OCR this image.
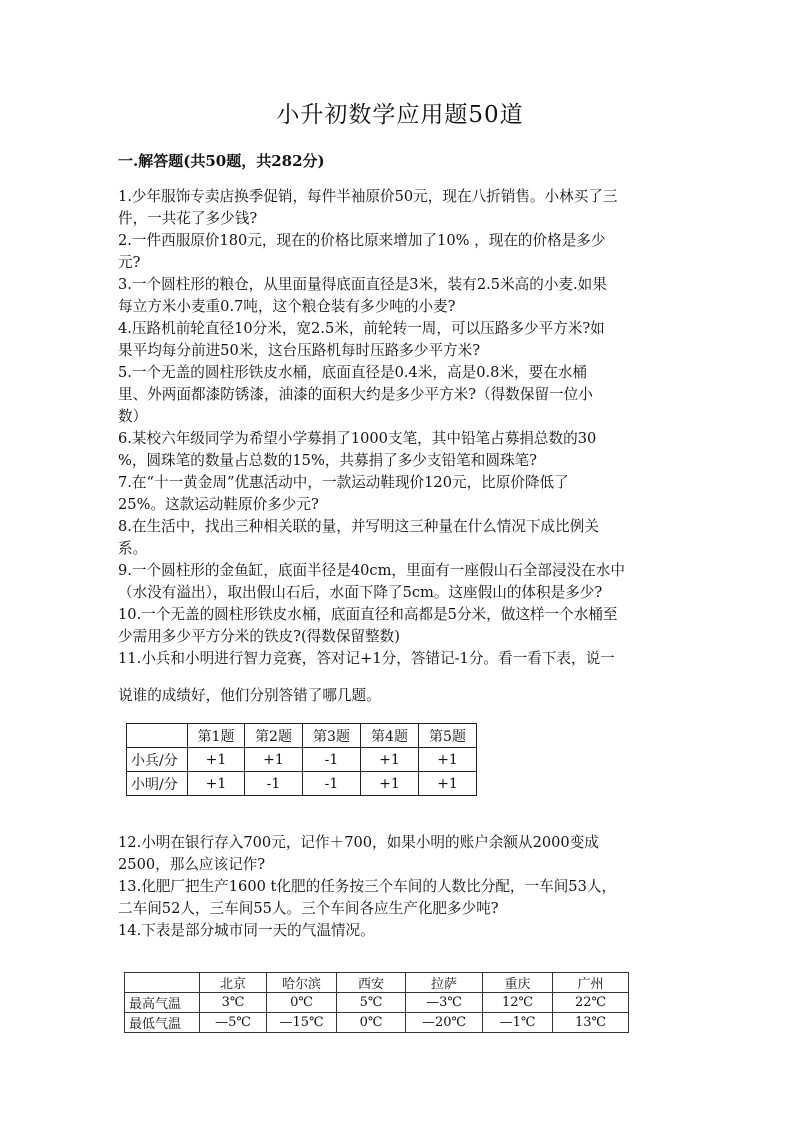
小升初数学应用题50道
一.解答题(共50题，共282分)
1.少年服饰专卖店换季促销，每件半袖原价50元，现在八折销售。小林买了三
件，一共花了多少钱?
2.一件西服原价180元，现在的价格比原来增加了10% ，现在的价格是多少
元?
3.一个圆柱形的粮仓，从里面量得底面直径是3米，装有2.5米高的小麦.如果
每立方米小麦重0.7吨，这个粮仓装有多少吨的小麦?
4.压路机前轮直径10分米，宽2.5米，前轮转一周，可以压路多少平方米?如
果平均每分前进50米，这台压路机每时压路多少平方米?
5.一个无盖的圆柱形铁皮水桶，底面直径是0.4米，高是0.8米，要在水桶
里、外两面都漆防锈漆，油漆的面积大约是多少平方米?（得数保留一位小
数）
6.某校六年级同学为希望小学募捐了1000支笔，其中铅笔占募捐总数的30
%，圆珠笔的数量占总数的15%，共募捐了多少支铅笔和圆珠笔?
7.在“十一黄金周”优惠活动中，一款运动鞋现价120元，比原价降低了
25%。这款运动鞋原价多少元?
8.在生活中，找出三种相关联的量，并写明这三种量在什么情况下成比例关
系。
9.一个圆柱形的金鱼缸，底面半径是40cm，里面有一座假山石全部浸没在水中
（水没有溢出），取出假山石后，水面下降了5cm。这座假山的体积是多少?
10.一个无盖的圆柱形铁皮水桶，底面直径和高都是5分米，做这样一个水桶至
少需用多少平方分米的铁皮?(得数保留整数)
11.小兵和小明进行智力竞赛，答对记+1分，答错记-1分。看一看下表，说一
说谁的成绩好，他们分别答错了哪几题。
	第1题	第2题	第3题	第4题	第5题
小兵/分	+1	+1	-1	+1	+1
小明/分	+1	-1	-1	+1	+1
12.小明在银行存入700元，记作＋700，如果小明的账户余额从2000变成
2500，那么应该记作?
13.化肥厂把生产1600 t化肥的任务按三个车间的人数比分配，一车间53人，
二车间52人，三车间55人。三个车间各应生产化肥多少吨?
14.下表是部分城市同一天的气温情况。
	北京	哈尔滨	西安	拉萨	重庆	广州
最高气温	3℃	0℃	5℃	—3℃	12℃	22℃
最低气温	—5℃	—15℃	0℃	—20℃	—1℃	13℃
